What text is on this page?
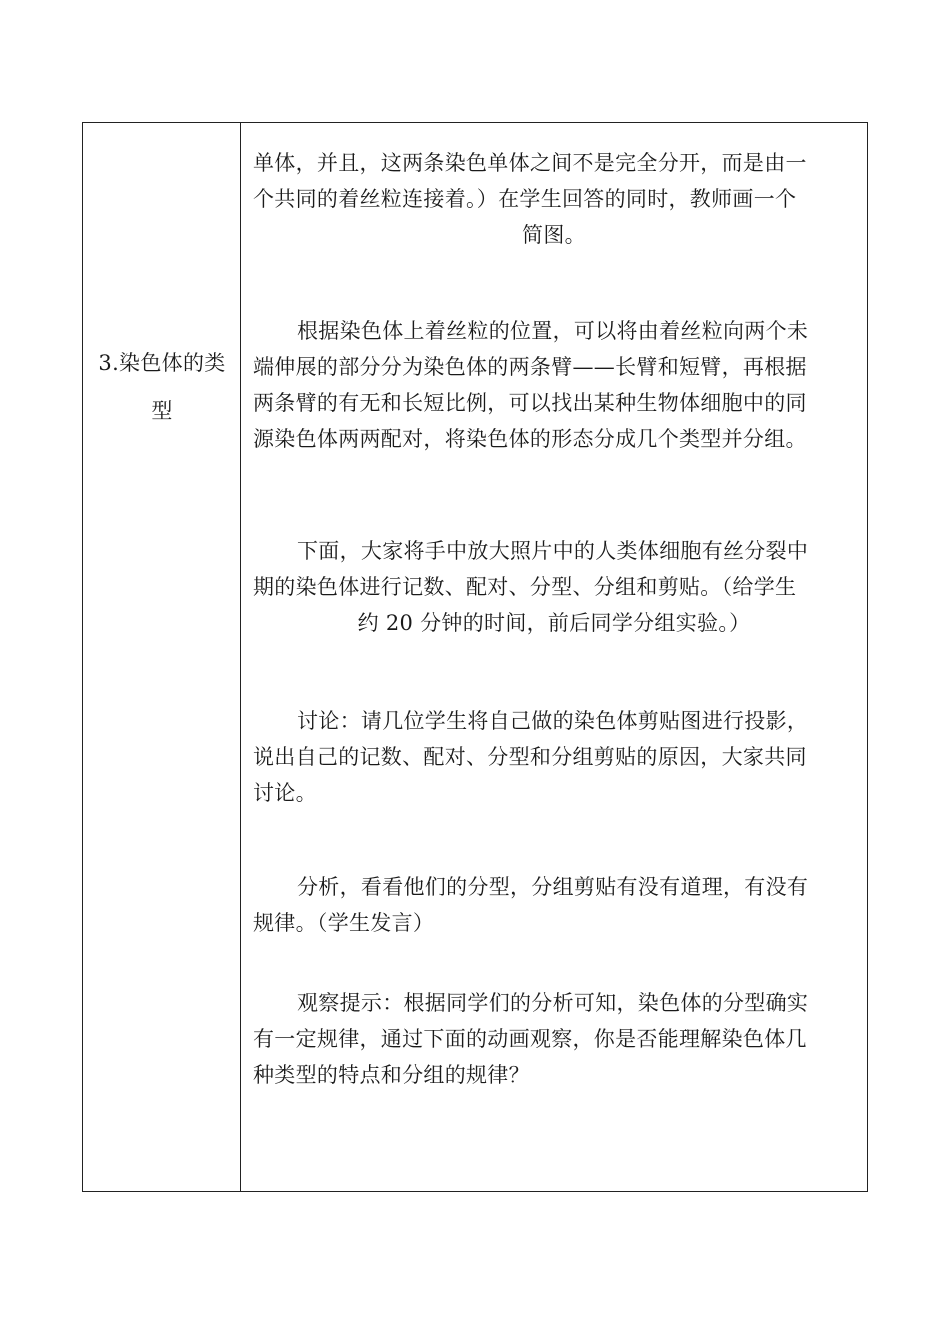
3.染色体的类
型
单体，并且，这两条染色单体之间不是完全分开，而是由一
个共同的着丝粒连接着。）在学生回答的同时，教师画一个
简图。
根据染色体上着丝粒的位置，可以将由着丝粒向两个未
端伸展的部分分为染色体的两条臂——长臂和短臂，再根据
两条臂的有无和长短比例，可以找出某种生物体细胞中的同
源染色体两两配对，将染色体的形态分成几个类型并分组。
下面，大家将手中放大照片中的人类体细胞有丝分裂中
期的染色体进行记数、配对、分型、分组和剪贴。（给学生
约 20 分钟的时间，前后同学分组实验。）
讨论：请几位学生将自己做的染色体剪贴图进行投影，
说出自己的记数、配对、分型和分组剪贴的原因，大家共同
讨论。
分析，看看他们的分型，分组剪贴有没有道理，有没有
规律。（学生发言）
观察提示：根据同学们的分析可知，染色体的分型确实
有一定规律，通过下面的动画观察，你是否能理解染色体几
种类型的特点和分组的规律？
